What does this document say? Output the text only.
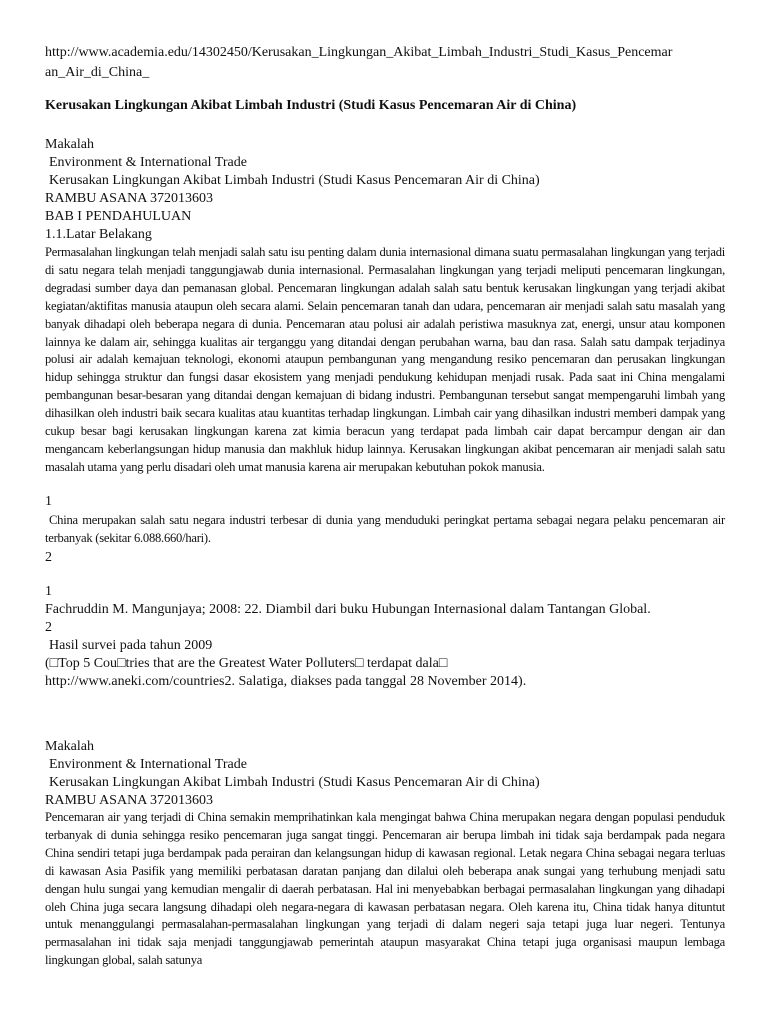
http://www.academia.edu/14302450/Kerusakan_Lingkungan_Akibat_Limbah_Industri_Studi_Kasus_Pencemar

an_Air_di_China_

Kerusakan Lingkungan Akibat Limbah Industri (Studi Kasus Pencemaran Air di China)

Makalah

Environment & International Trade

Kerusakan Lingkungan Akibat Limbah Industri (Studi Kasus Pencemaran Air di China)

RAMBU ASANA 372013603

BAB I PENDAHULUAN

1.1.Latar Belakang

Permasalahan lingkungan telah menjadi salah satu isu penting dalam dunia internasional dimana suatu permasalahan lingkungan yang terjadi di satu negara telah menjadi tanggungjawab dunia internasional. Permasalahan lingkungan yang terjadi meliputi pencemaran lingkungan, degradasi sumber daya dan pemanasan global. Pencemaran lingkungan adalah salah satu bentuk kerusakan lingkungan yang terjadi akibat kegiatan/aktifitas manusia ataupun oleh secara alami. Selain pencemaran tanah dan udara, pencemaran air menjadi salah satu masalah yang banyak dihadapi oleh beberapa negara di dunia. Pencemaran atau polusi air adalah peristiwa masuknya zat, energi, unsur atau komponen lainnya ke dalam air, sehingga kualitas air terganggu yang ditandai dengan perubahan warna, bau dan rasa. Salah satu dampak terjadinya polusi air adalah kemajuan teknologi, ekonomi ataupun pembangunan yang mengandung resiko pencemaran dan perusakan lingkungan hidup sehingga struktur dan fungsi dasar ekosistem yang menjadi pendukung kehidupan menjadi rusak. Pada saat ini China mengalami pembangunan besar-besaran yang ditandai dengan kemajuan di bidang industri. Pembangunan tersebut sangat mempengaruhi limbah yang dihasilkan oleh industri baik secara kualitas atau kuantitas terhadap lingkungan. Limbah cair yang dihasilkan industri memberi dampak yang cukup besar bagi kerusakan lingkungan karena zat kimia beracun yang terdapat pada limbah cair dapat bercampur dengan air dan mengancam keberlangsungan hidup manusia dan makhluk hidup lainnya. Kerusakan lingkungan akibat pencemaran air menjadi salah satu masalah utama yang perlu disadari oleh umat manusia karena air merupakan kebutuhan pokok manusia.

1

China merupakan salah satu negara industri terbesar di dunia yang menduduki peringkat pertama sebagai negara pelaku pencemaran air terbanyak (sekitar 6.088.660/hari).

2

1

Fachruddin M. Mangunjaya; 2008: 22. Diambil dari buku Hubungan Internasional dalam Tantangan Global.

2

Hasil survei pada tahun 2009

(□Top 5 Cou□tries that are the Greatest Water Polluters□ terdapat dala□

http://www.aneki.com/countries2. Salatiga, diakses pada tanggal 28 November 2014).

Makalah

Environment & International Trade

Kerusakan Lingkungan Akibat Limbah Industri (Studi Kasus Pencemaran Air di China)

RAMBU ASANA 372013603

Pencemaran air yang terjadi di China semakin memprihatinkan kala mengingat bahwa China merupakan negara dengan populasi penduduk terbanyak di dunia sehingga resiko pencemaran juga sangat tinggi. Pencemaran air berupa limbah ini tidak saja berdampak pada negara China sendiri tetapi juga berdampak pada perairan dan kelangsungan hidup di kawasan regional. Letak negara China sebagai negara terluas di kawasan Asia Pasifik yang memiliki perbatasan daratan panjang dan dilalui oleh beberapa anak sungai yang terhubung menjadi satu dengan hulu sungai yang kemudian mengalir di daerah perbatasan. Hal ini menyebabkan berbagai permasalahan lingkungan yang dihadapi oleh China juga secara langsung dihadapi oleh negara-negara di kawasan perbatasan negara. Oleh karena itu, China tidak hanya dituntut untuk menanggulangi permasalahan-permasalahan lingkungan yang terjadi di dalam negeri saja tetapi juga luar negeri. Tentunya permasalahan ini tidak saja menjadi tanggungjawab pemerintah ataupun masyarakat China tetapi juga organisasi maupun lembaga lingkungan global, salah satunya
